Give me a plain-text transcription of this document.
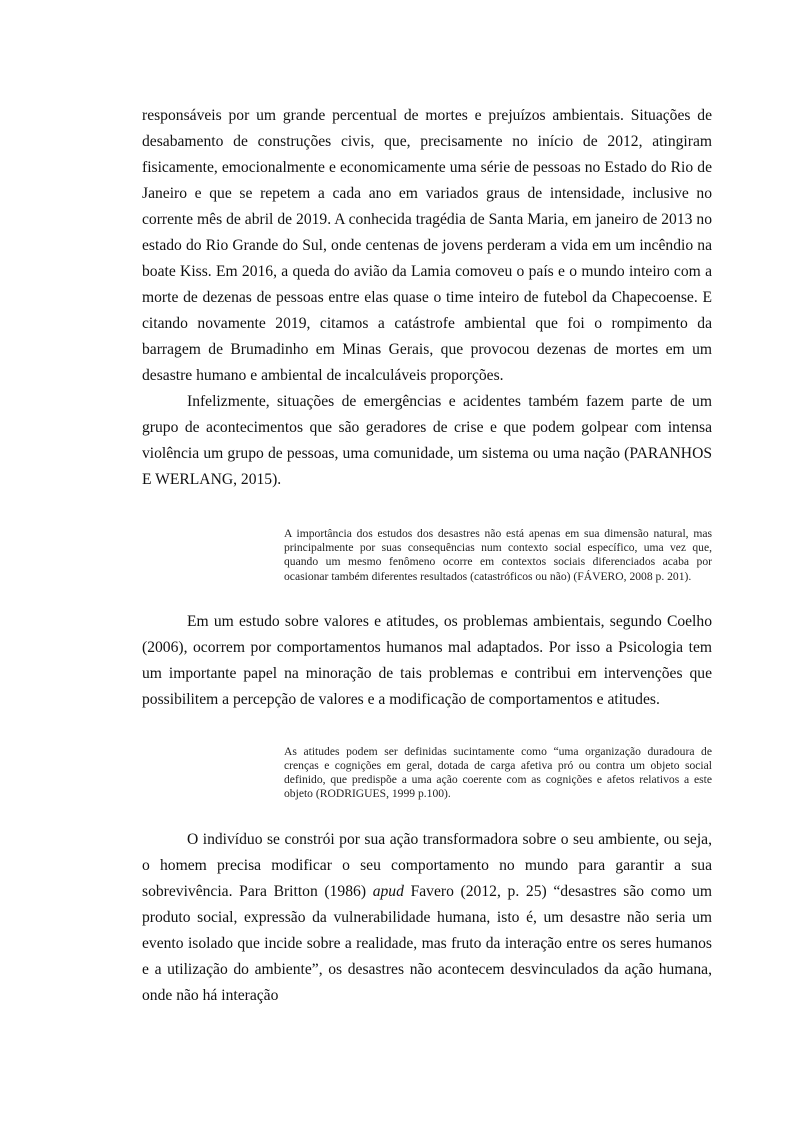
responsáveis por um grande percentual de mortes e prejuízos ambientais. Situações de desabamento de construções civis, que, precisamente no início de 2012, atingiram fisicamente, emocionalmente e economicamente uma série de pessoas no Estado do Rio de Janeiro e que se repetem a cada ano em variados graus de intensidade, inclusive no corrente mês de abril de 2019. A conhecida tragédia de Santa Maria, em janeiro de 2013 no estado do Rio Grande do Sul, onde centenas de jovens perderam a vida em um incêndio na boate Kiss. Em 2016, a queda do avião da Lamia comoveu o país e o mundo inteiro com a morte de dezenas de pessoas entre elas quase o time inteiro de futebol da Chapecoense. E citando novamente 2019, citamos a catástrofe ambiental que foi o rompimento da barragem de Brumadinho em Minas Gerais, que provocou dezenas de mortes em um desastre humano e ambiental de incalculáveis proporções.

Infelizmente, situações de emergências e acidentes também fazem parte de um grupo de acontecimentos que são geradores de crise e que podem golpear com intensa violência um grupo de pessoas, uma comunidade, um sistema ou uma nação (PARANHOS E WERLANG, 2015).

A importância dos estudos dos desastres não está apenas em sua dimensão natural, mas principalmente por suas consequências num contexto social específico, uma vez que, quando um mesmo fenômeno ocorre em contextos sociais diferenciados acaba por ocasionar também diferentes resultados (catastróficos ou não) (FÁVERO, 2008 p. 201).

Em um estudo sobre valores e atitudes, os problemas ambientais, segundo Coelho (2006), ocorrem por comportamentos humanos mal adaptados. Por isso a Psicologia tem um importante papel na minoração de tais problemas e contribui em intervenções que possibilitem a percepção de valores e a modificação de comportamentos e atitudes.

As atitudes podem ser definidas sucintamente como “uma organização duradoura de crenças e cognições em geral, dotada de carga afetiva pró ou contra um objeto social definido, que predispõe a uma ação coerente com as cognições e afetos relativos a este objeto (RODRIGUES, 1999 p.100).

O indivíduo se constrói por sua ação transformadora sobre o seu ambiente, ou seja, o homem precisa modificar o seu comportamento no mundo para garantir a sua sobrevivência. Para Britton (1986) apud Favero (2012, p. 25) “desastres são como um produto social, expressão da vulnerabilidade humana, isto é, um desastre não seria um evento isolado que incide sobre a realidade, mas fruto da interação entre os seres humanos e a utilização do ambiente”, os desastres não acontecem desvinculados da ação humana, onde não há interação
